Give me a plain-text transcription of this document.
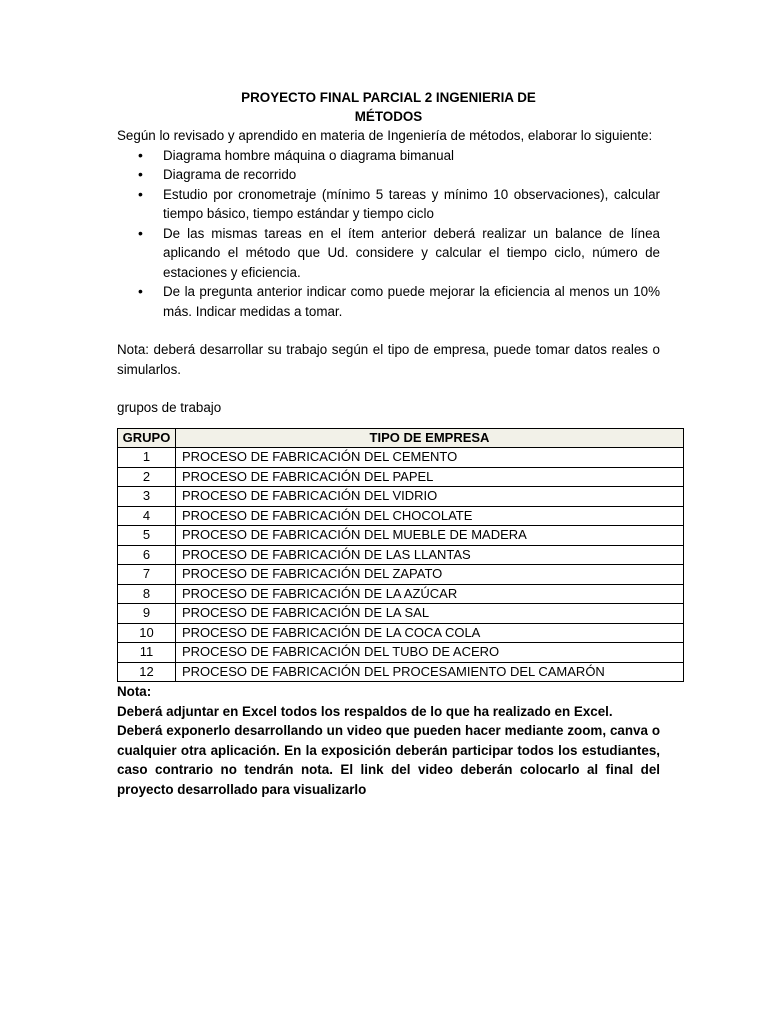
PROYECTO FINAL PARCIAL 2 INGENIERIA DE
MÉTODOS

Según lo revisado y aprendido en materia de Ingeniería de métodos, elaborar lo siguiente:

• Diagrama hombre máquina o diagrama bimanual
• Diagrama de recorrido
• Estudio por cronometraje (mínimo 5 tareas y mínimo 10 observaciones), calcular tiempo básico, tiempo estándar y tiempo ciclo
• De las mismas tareas en el ítem anterior deberá realizar un balance de línea aplicando el método que Ud. considere y calcular el tiempo ciclo, número de estaciones y eficiencia.
• De la pregunta anterior indicar como puede mejorar la eficiencia al menos un 10% más. Indicar medidas a tomar.

Nota: deberá desarrollar su trabajo según el tipo de empresa, puede tomar datos reales o simularlos.

grupos de trabajo

GRUPO	TIPO DE EMPRESA
1	PROCESO DE FABRICACIÓN DEL CEMENTO
2	PROCESO DE FABRICACIÓN DEL PAPEL
3	PROCESO DE FABRICACIÓN DEL VIDRIO
4	PROCESO DE FABRICACIÓN DEL CHOCOLATE
5	PROCESO DE FABRICACIÓN DEL MUEBLE DE MADERA
6	PROCESO DE FABRICACIÓN DE LAS LLANTAS
7	PROCESO DE FABRICACIÓN DEL ZAPATO
8	PROCESO DE FABRICACIÓN DE LA AZÚCAR
9	PROCESO DE FABRICACIÓN DE LA SAL
10	PROCESO DE FABRICACIÓN DE LA COCA COLA
11	PROCESO DE FABRICACIÓN DEL TUBO DE ACERO
12	PROCESO DE FABRICACIÓN DEL PROCESAMIENTO DEL CAMARÓN
Nota:
Deberá adjuntar en Excel todos los respaldos de lo que ha realizado en Excel.

Deberá exponerlo desarrollando un video que pueden hacer mediante zoom, canva o cualquier otra aplicación. En la exposición deberán participar todos los estudiantes, caso contrario no tendrán nota. El link del video deberán colocarlo al final del proyecto desarrollado para visualizarlo
